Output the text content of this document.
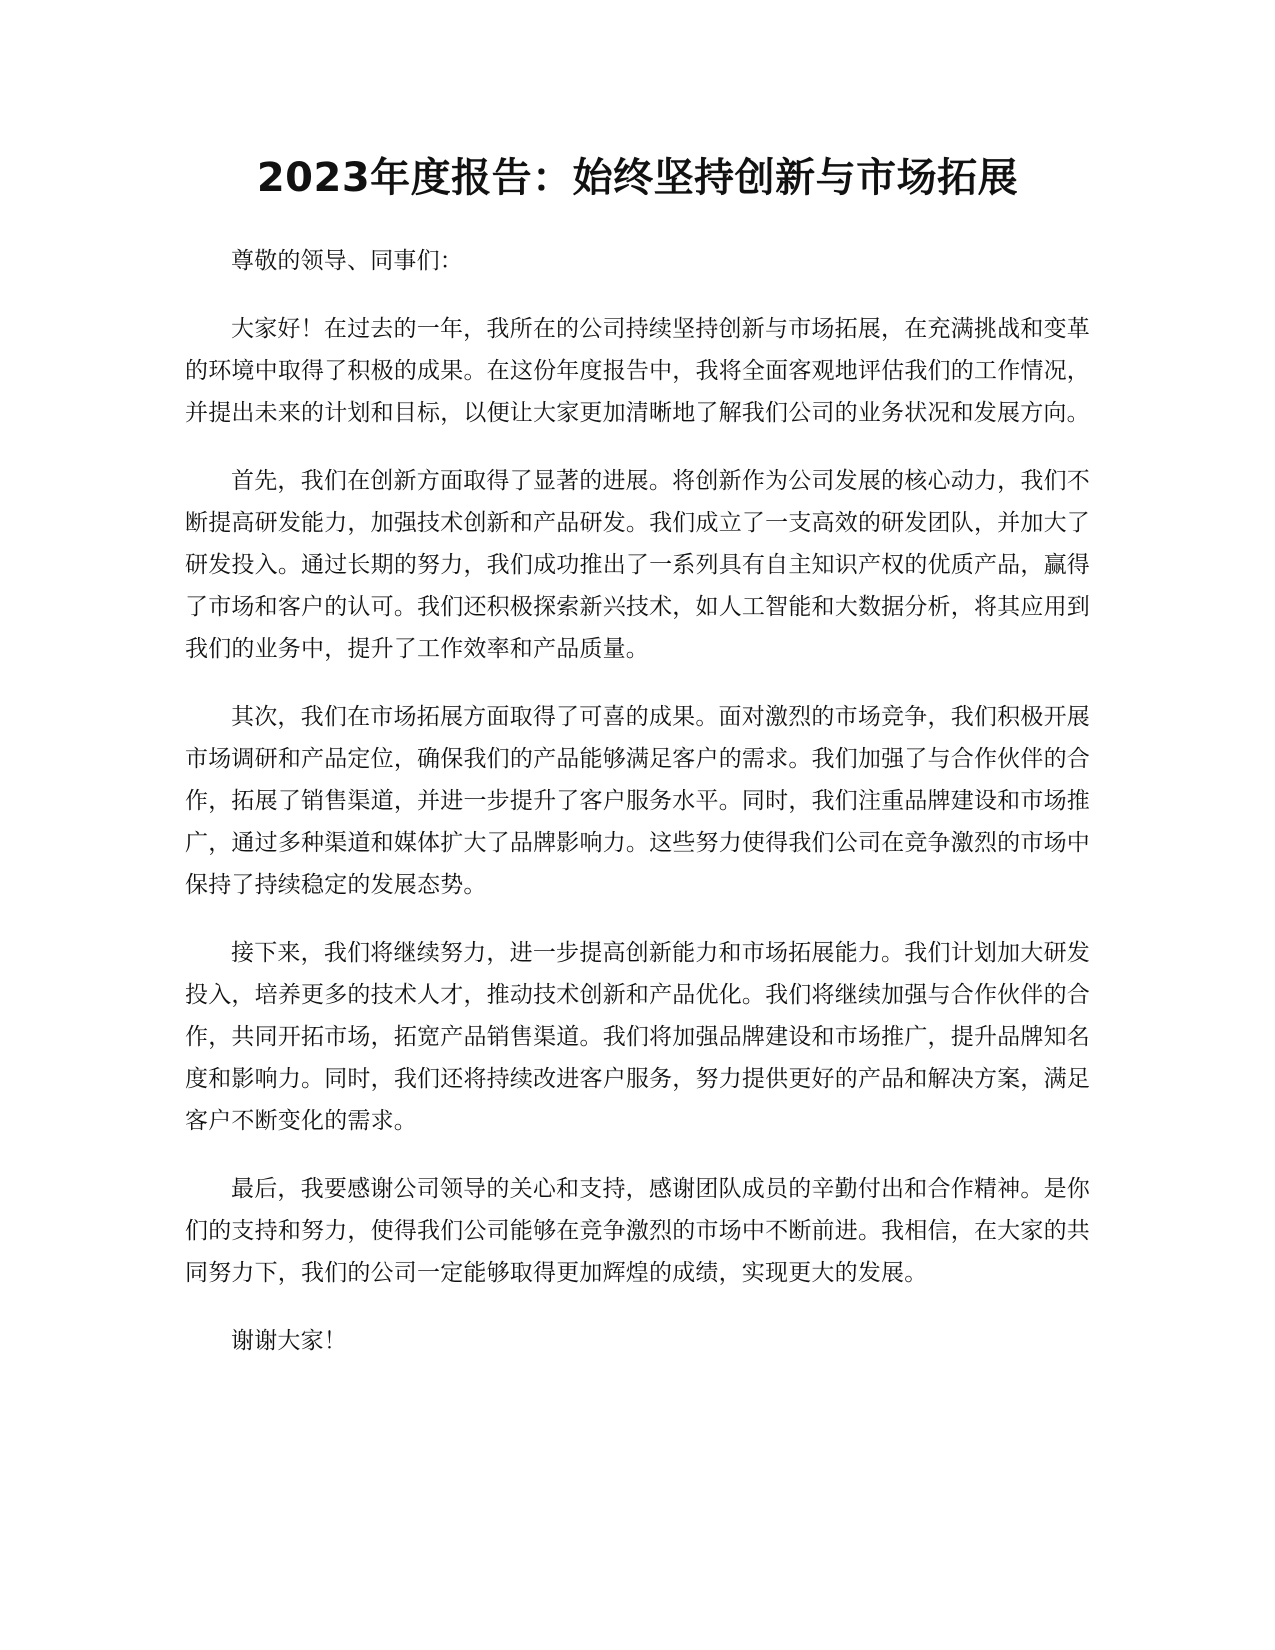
2023年度报告：始终坚持创新与市场拓展

尊敬的领导、同事们：

大家好！在过去的一年，我所在的公司持续坚持创新与市场拓展，在充满挑战和变革的环境中取得了积极的成果。在这份年度报告中，我将全面客观地评估我们的工作情况，并提出未来的计划和目标，以便让大家更加清晰地了解我们公司的业务状况和发展方向。

首先，我们在创新方面取得了显著的进展。将创新作为公司发展的核心动力，我们不断提高研发能力，加强技术创新和产品研发。我们成立了一支高效的研发团队，并加大了研发投入。通过长期的努力，我们成功推出了一系列具有自主知识产权的优质产品，赢得了市场和客户的认可。我们还积极探索新兴技术，如人工智能和大数据分析，将其应用到我们的业务中，提升了工作效率和产品质量。

其次，我们在市场拓展方面取得了可喜的成果。面对激烈的市场竞争，我们积极开展市场调研和产品定位，确保我们的产品能够满足客户的需求。我们加强了与合作伙伴的合作，拓展了销售渠道，并进一步提升了客户服务水平。同时，我们注重品牌建设和市场推广，通过多种渠道和媒体扩大了品牌影响力。这些努力使得我们公司在竞争激烈的市场中保持了持续稳定的发展态势。

接下来，我们将继续努力，进一步提高创新能力和市场拓展能力。我们计划加大研发投入，培养更多的技术人才，推动技术创新和产品优化。我们将继续加强与合作伙伴的合作，共同开拓市场，拓宽产品销售渠道。我们将加强品牌建设和市场推广，提升品牌知名度和影响力。同时，我们还将持续改进客户服务，努力提供更好的产品和解决方案，满足客户不断变化的需求。

最后，我要感谢公司领导的关心和支持，感谢团队成员的辛勤付出和合作精神。是你们的支持和努力，使得我们公司能够在竞争激烈的市场中不断前进。我相信，在大家的共同努力下，我们的公司一定能够取得更加辉煌的成绩，实现更大的发展。

谢谢大家！
